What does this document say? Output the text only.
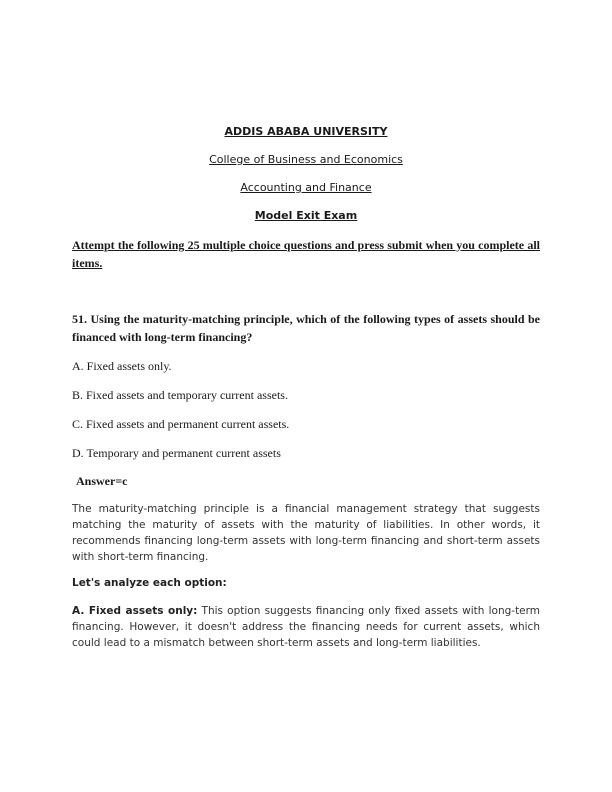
ADDIS ABABA UNIVERSITY

College of Business and Economics

Accounting and Finance

Model Exit Exam

Attempt the following 25 multiple choice questions and press submit when you complete all items.

51. Using the maturity-matching principle, which of the following types of assets should be financed with long-term financing?

A. Fixed assets only.

B. Fixed assets and temporary current assets.

C. Fixed assets and permanent current assets.

D. Temporary and permanent current assets

Answer=c

The maturity-matching principle is a financial management strategy that suggests matching the maturity of assets with the maturity of liabilities. In other words, it recommends financing long-term assets with long-term financing and short-term assets with short-term financing.

Let's analyze each option:

A. Fixed assets only: This option suggests financing only fixed assets with long-term financing. However, it doesn't address the financing needs for current assets, which could lead to a mismatch between short-term assets and long-term liabilities.
